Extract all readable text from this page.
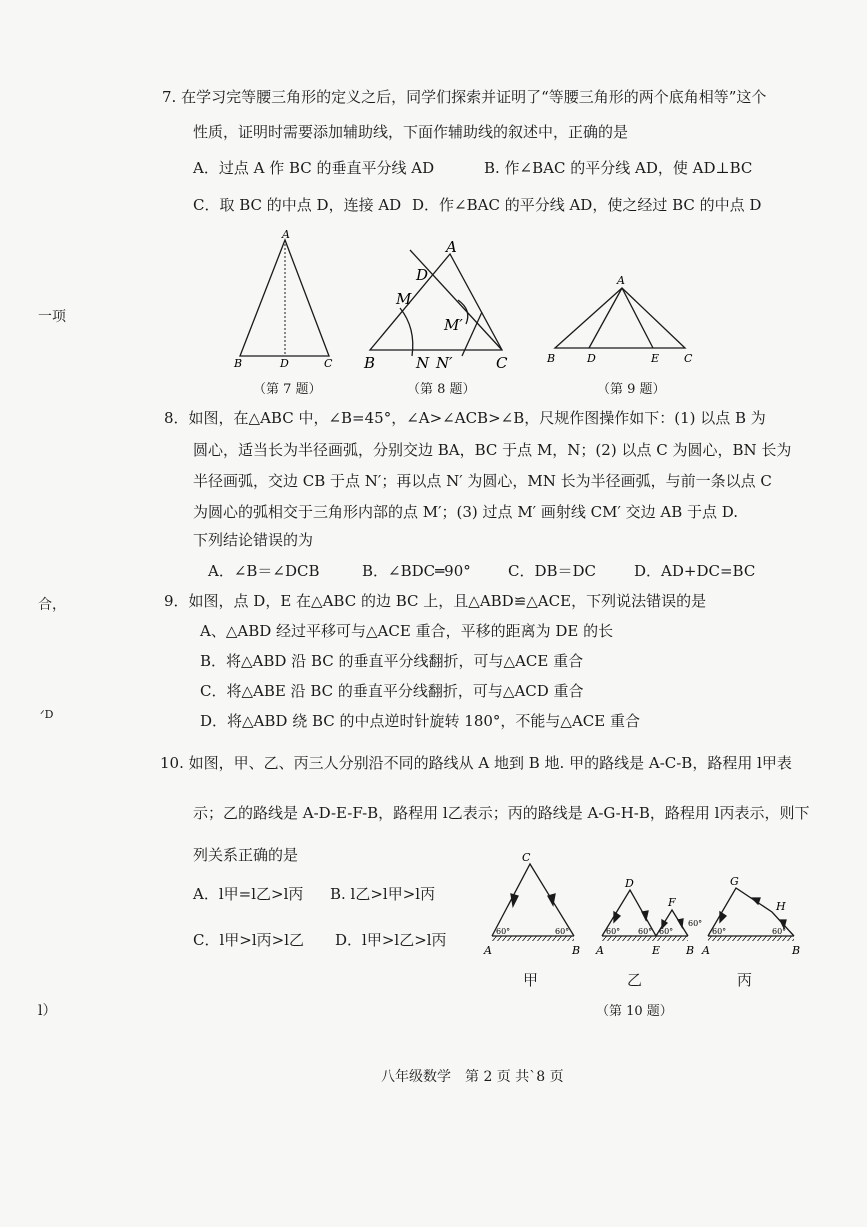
一项
合，
ᐟD
l）
7. 在学习完等腰三角形的定义之后，同学们探索并证明了“等腰三角形的两个底角相等”这个
性质，证明时需要添加辅助线，下面作辅助线的叙述中，正确的是
A．过点 A 作 BC 的垂直平分线 AD	B. 作∠BAC 的平分线 AD，使 AD⊥BC
C．取 BC 的中点 D，连接 AD D．作∠BAC 的平分线 AD，使之经过 BC 的中点 D
A
B	D	C
（第 7 题）
A
D
M
M′
B	N N′	C
（第 8 题）
A
B	D	E C
（第 9 题）
8．如图，在△ABC 中，∠B=45°，∠A>∠ACB>∠B，尺规作图操作如下：(1) 以点 B 为
圆心，适当长为半径画弧，分别交边 BA，BC 于点 M，N；(2) 以点 C 为圆心，BN 长为
半径画弧，交边 CB 于点 N′；再以点 N′ 为圆心，MN 长为半径画弧，与前一条以点 C
为圆心的弧相交于三角形内部的点 M′；(3) 过点 M′ 画射线 CM′ 交边 AB 于点 D.
下列结论错误的为
A．∠B＝∠DCB	B．∠BDC═90° C．DB＝DC	D．AD+DC=BC
9．如图，点 D，E 在△ABC 的边 BC 上，且△ABD≌△ACE，下列说法错误的是
A、△ABD 经过平移可与△ACE 重合，平移的距离为 DE 的长
B．将△ABD 沿 BC 的垂直平分线翻折，可与△ACE 重合
C．将△ABE 沿 BC 的垂直平分线翻折，可与△ACD 重合
D．将△ABD 绕 BC 的中点逆时针旋转 180°，不能与△ACE 重合
10. 如图，甲、乙、丙三人分别沿不同的路线从 A 地到 B 地. 甲的路线是 A-C-B，路程用 l甲表
示；乙的路线是 A-D-E-F-B，路程用 l乙表示；丙的路线是 A-G-H-B，路程用 l丙表示，则下
列关系正确的是
A．l甲=l乙>l丙 B. l乙>l甲>l丙
C．l甲>l丙>l乙 D．l甲>l乙>l丙
C
A	B
60°	60°
D
F
A	E B
60° 60° 60°
60°
G
H
A	B
60°	60°
甲	乙	丙
（第 10 题）
八年级数学　第 2 页 共`8 页
